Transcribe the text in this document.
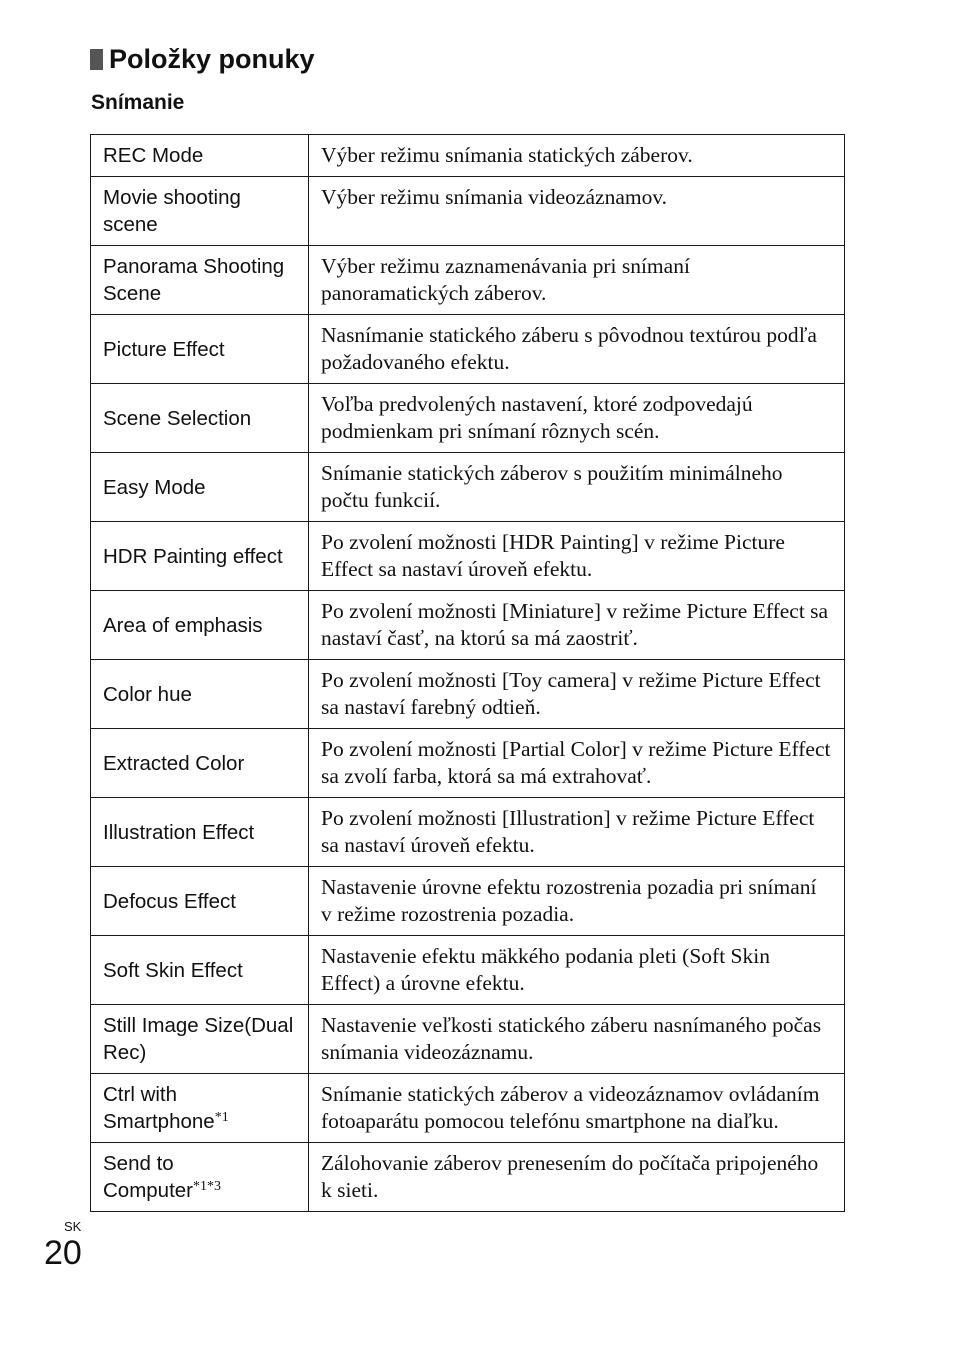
Položky ponuky
Snímanie
REC Mode	Výber režimu snímania statických záberov.
Movie shooting scene	Výber režimu snímania videozáznamov.
Panorama Shooting Scene	Výber režimu zaznamenávania pri snímaní panoramatických záberov.
Picture Effect	Nasnímanie statického záberu s pôvodnou textúrou podľa požadovaného efektu.
Scene Selection	Voľba predvolených nastavení, ktoré zodpovedajú podmienkam pri snímaní rôznych scén.
Easy Mode	Snímanie statických záberov s použitím minimálneho počtu funkcií.
HDR Painting effect	Po zvolení možnosti [HDR Painting] v režime Picture Effect sa nastaví úroveň efektu.
Area of emphasis	Po zvolení možnosti [Miniature] v režime Picture Effect sa nastaví časť, na ktorú sa má zaostriť.
Color hue	Po zvolení možnosti [Toy camera] v režime Picture Effect sa nastaví farebný odtieň.
Extracted Color	Po zvolení možnosti [Partial Color] v režime Picture Effect sa zvolí farba, ktorá sa má extrahovať.
Illustration Effect	Po zvolení možnosti [Illustration] v režime Picture Effect sa nastaví úroveň efektu.
Defocus Effect	Nastavenie úrovne efektu rozostrenia pozadia pri snímaní v režime rozostrenia pozadia.
Soft Skin Effect	Nastavenie efektu mäkkého podania pleti (Soft Skin Effect) a úrovne efektu.
Still Image Size(Dual Rec)	Nastavenie veľkosti statického záberu nasnímaného počas snímania videozáznamu.
Ctrl with Smartphone$^{*1}$	Snímanie statických záberov a videozáznamov ovládaním fotoaparátu pomocou telefónu smartphone na diaľku.
Send to Computer$^{*1*3}$	Zálohovanie záberov prenesením do počítača pripojeného k sieti.
SK
20
